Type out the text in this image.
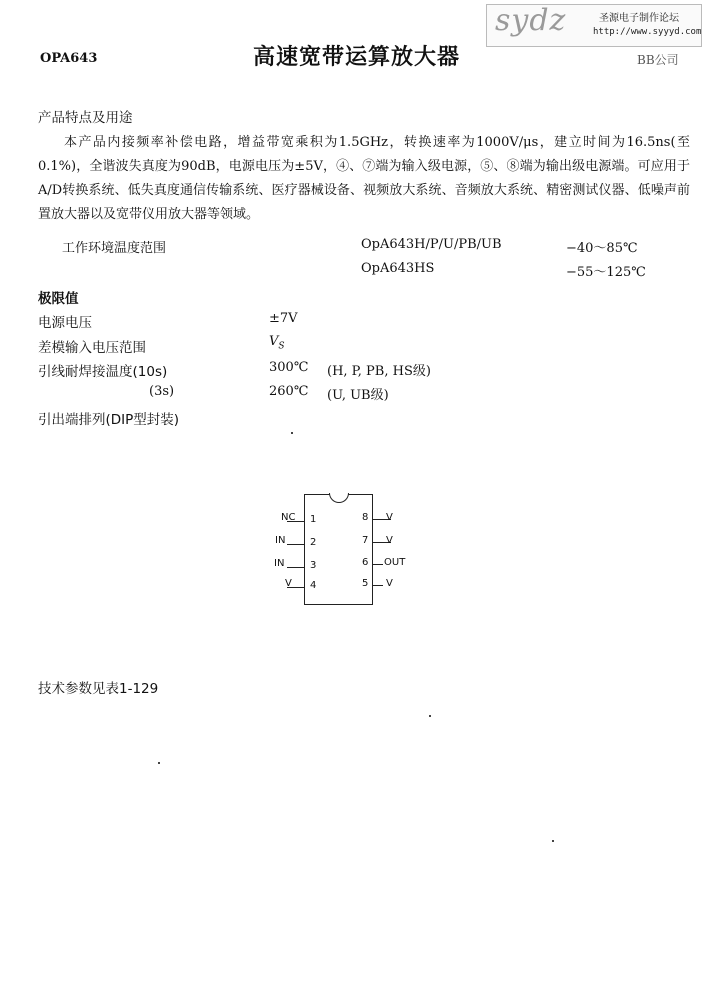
OPA643	高速宽带运算放大器	BB公司
sydz	圣源电子制作论坛
http://www.syyyd.com
产品特点及用途
本产品内接频率补偿电路，增益带宽乘积为1.5GHz，转换速率为1000V/μs，建立时间为16.5ns(至0.1%)，全谐波失真度为90dB，电源电压为±5V，④、⑦端为输入级电源，⑤、⑧端为输出级电源端。可应用于A/D转换系统、低失真度通信传输系统、医疗器械设备、视频放大系统、音频放大系统、精密测试仪器、低噪声前置放大器以及宽带仪用放大器等领域。
工作环境温度范围	OpA643H/P/U/PB/UB	−40～85℃
OpA643HS	−55～125℃
极限值
电源电压	±7V
差模输入电压范围	$V_S$
引线耐焊接温度(10s)	300℃ (H, P, PB, HS级)
(3s)	260℃ (U, UB级)
引出端排列(DIP型封装)
NC 1
IN 2
IN	3
V 4
8 V
7 V
6 OUT
5 V
技术参数见表1-129
